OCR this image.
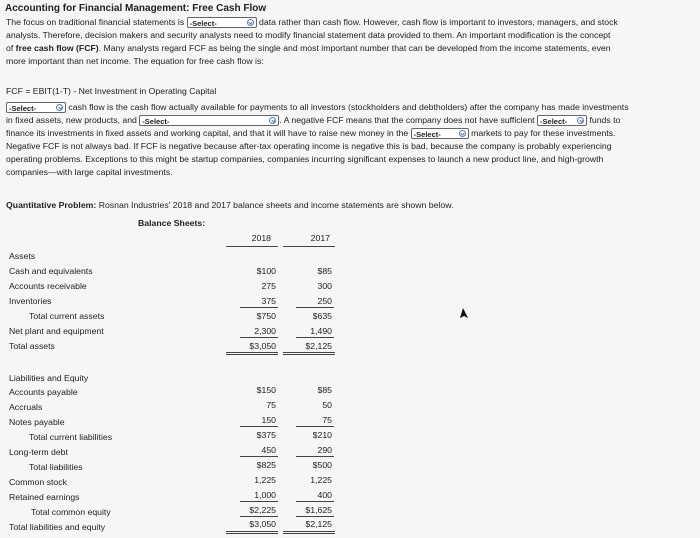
Accounting for Financial Management: Free Cash Flow
The focus on traditional financial statements is -Select-	data rather than cash flow. However, cash flow is important to investors, managers, and stock
analysts. Therefore, decision makers and security analysts need to modify financial statement data provided to them. An important modification is the concept
of free cash flow (FCF). Many analysts regard FCF as being the single and most important number that can be developed from the income statements, even
more important than net income. The equation for free cash flow is:
FCF = EBIT(1-T) - Net Investment in Operating Capital
-Select-	cash flow is the cash flow actually available for payments to all investors (stockholders and debtholders) after the company has made investments
in fixed assets, new products, and -Select-	. A negative FCF means that the company does not have sufficient -Select-	funds to
finance its investments in fixed assets and working capital, and that it will have to raise new money in the -Select-	markets to pay for these investments.
Negative FCF is not always bad. If FCF is negative because after-tax operating income is negative this is bad, because the company is probably experiencing
operating problems. Exceptions to this might be startup companies, companies incurring significant expenses to launch a new product line, and high-growth
companies—with large capital investments.
Quantitative Problem: Rosnan Industries' 2018 and 2017 balance sheets and income statements are shown below.
Balance Sheets:
2018	2017
Assets
Cash and equivalents	$100	$85
Accounts receivable	275	300
Inventories	375	250
Total current assets	$750	$635
Net plant and equipment	2,300	1,490
Total assets	$3,050	$2,125
Liabilities and Equity
Accounts payable	$150	$85
Accruals	75	50
Notes payable	150	75
Total current liabilities	$375	$210
Long-term debt	450	290
Total liabilities	$825	$500
Common stock	1,225	1,225
Retained earnings	1,000	400
Total common equity	$2,225	$1,625
Total liabilities and equity	$3,050	$2,125
